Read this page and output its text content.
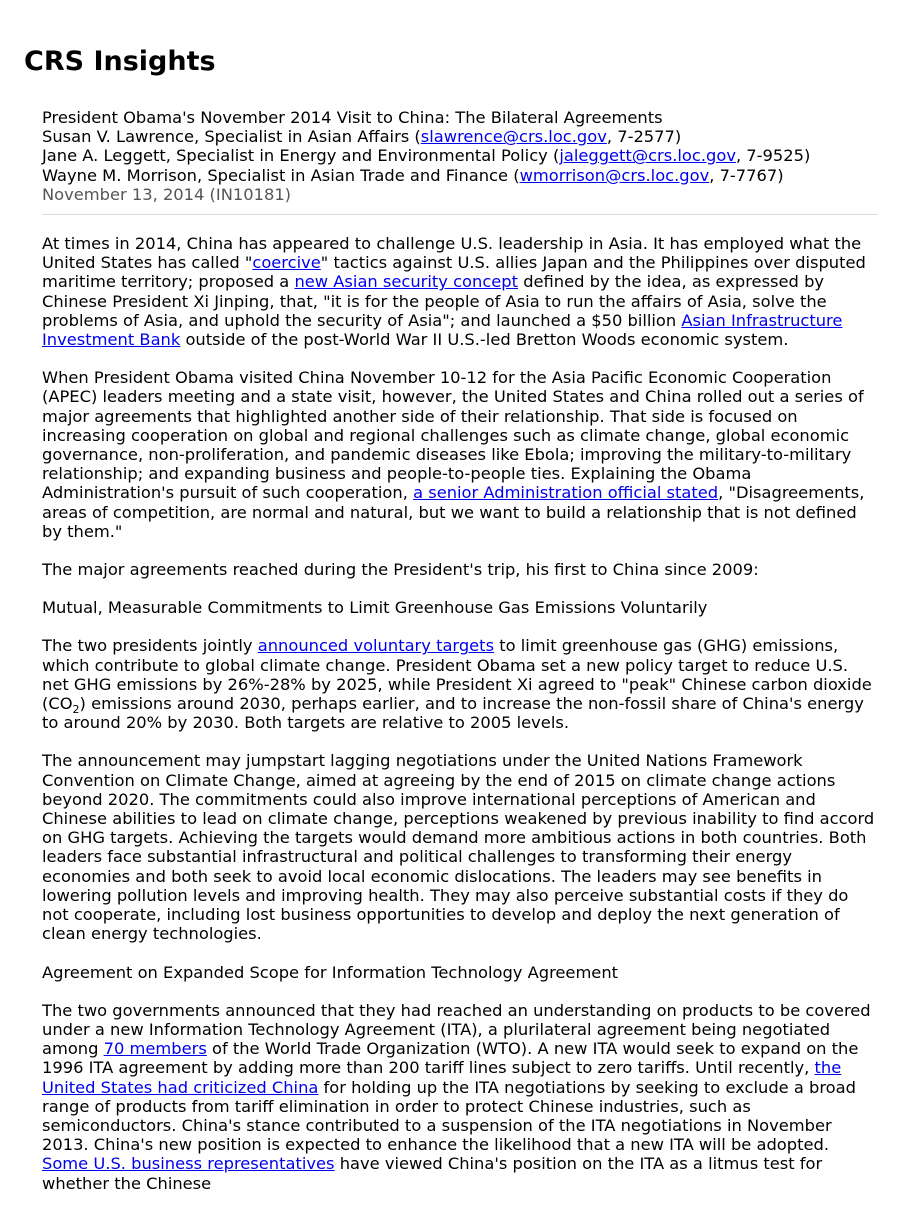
CRS Insights
President Obama's November 2014 Visit to China: The Bilateral Agreements
Susan V. Lawrence, Specialist in Asian Affairs (slawrence@crs.loc.gov, 7-2577)
Jane A. Leggett, Specialist in Energy and Environmental Policy (jaleggett@crs.loc.gov, 7-9525)
Wayne M. Morrison, Specialist in Asian Trade and Finance (wmorrison@crs.loc.gov, 7-7767)
November 13, 2014 (IN10181)

At times in 2014, China has appeared to challenge U.S. leadership in Asia. It has employed what the United States has called "coercive" tactics against U.S. allies Japan and the Philippines over disputed maritime territory; proposed a new Asian security concept defined by the idea, as expressed by Chinese President Xi Jinping, that, "it is for the people of Asia to run the affairs of Asia, solve the problems of Asia, and uphold the security of Asia"; and launched a $50 billion Asian Infrastructure Investment Bank outside of the post-World War II U.S.-led Bretton Woods economic system.

When President Obama visited China November 10-12 for the Asia Pacific Economic Cooperation (APEC) leaders meeting and a state visit, however, the United States and China rolled out a series of major agreements that highlighted another side of their relationship. That side is focused on increasing cooperation on global and regional challenges such as climate change, global economic governance, non-proliferation, and pandemic diseases like Ebola; improving the military-to-military relationship; and expanding business and people-to-people ties. Explaining the Obama Administration's pursuit of such cooperation, a senior Administration official stated, "Disagreements, areas of competition, are normal and natural, but we want to build a relationship that is not defined by them."

The major agreements reached during the President's trip, his first to China since 2009:

Mutual, Measurable Commitments to Limit Greenhouse Gas Emissions Voluntarily

The two presidents jointly announced voluntary targets to limit greenhouse gas (GHG) emissions, which contribute to global climate change. President Obama set a new policy target to reduce U.S. net GHG emissions by 26%-28% by 2025, while President Xi agreed to "peak" Chinese carbon dioxide $(CO_2)$ emissions around 2030, perhaps earlier, and to increase the non-fossil share of China's energy to around 20% by 2030. Both targets are relative to 2005 levels.

The announcement may jumpstart lagging negotiations under the United Nations Framework Convention on Climate Change, aimed at agreeing by the end of 2015 on climate change actions beyond 2020. The commitments could also improve international perceptions of American and Chinese abilities to lead on climate change, perceptions weakened by previous inability to find accord on GHG targets. Achieving the targets would demand more ambitious actions in both countries. Both leaders face substantial infrastructural and political challenges to transforming their energy economies and both seek to avoid local economic dislocations. The leaders may see benefits in lowering pollution levels and improving health. They may also perceive substantial costs if they do not cooperate, including lost business opportunities to develop and deploy the next generation of clean energy technologies.

Agreement on Expanded Scope for Information Technology Agreement

The two governments announced that they had reached an understanding on products to be covered under a new Information Technology Agreement (ITA), a plurilateral agreement being negotiated among 70 members of the World Trade Organization (WTO). A new ITA would seek to expand on the 1996 ITA agreement by adding more than 200 tariff lines subject to zero tariffs. Until recently, the United States had criticized China for holding up the ITA negotiations by seeking to exclude a broad range of products from tariff elimination in order to protect Chinese industries, such as semiconductors. China's stance contributed to a suspension of the ITA negotiations in November 2013. China's new position is expected to enhance the likelihood that a new ITA will be adopted. Some U.S. business representatives have viewed China's position on the ITA as a litmus test for whether the Chinese
